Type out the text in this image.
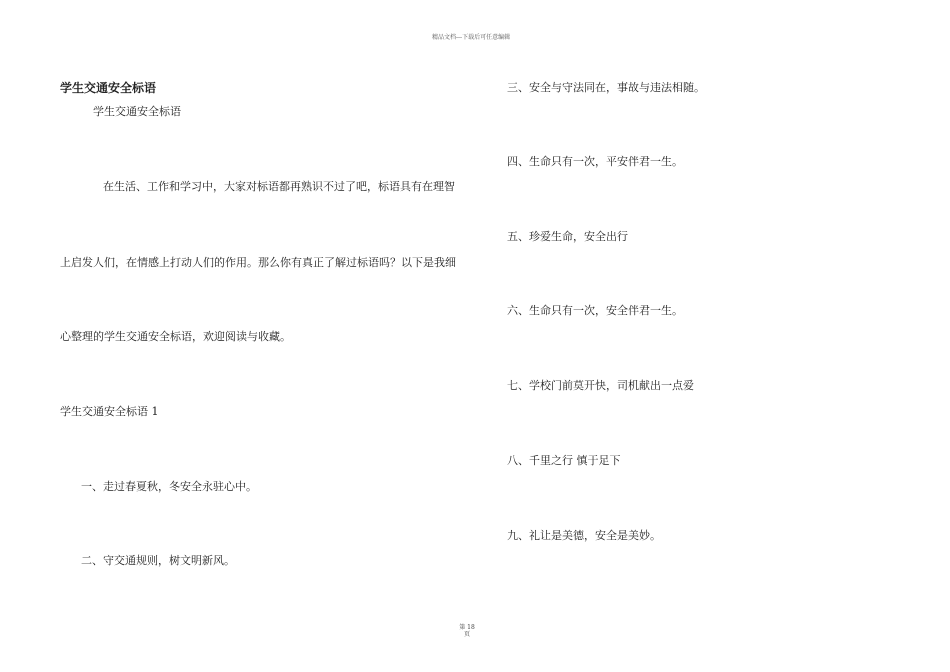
精品文档---下载后可任意编辑
学生交通安全标语
学生交通安全标语
在生活、工作和学习中，大家对标语都再熟识不过了吧，标语具有在理智
上启发人们，在情感上打动人们的作用。那么你有真正了解过标语吗？以下是我细
心整理的学生交通安全标语，欢迎阅读与收藏。
学生交通安全标语 1
一、走过春夏秋，冬安全永驻心中。
二、守交通规则，树文明新风。
三、安全与守法同在，事故与违法相随。
四、生命只有一次，平安伴君一生。
五、珍爱生命，安全出行
六、生命只有一次，安全伴君一生。
七、学校门前莫开快，司机献出一点爱
八、千里之行 慎于足下
九、礼让是美德，安全是美妙。
第 18
页
